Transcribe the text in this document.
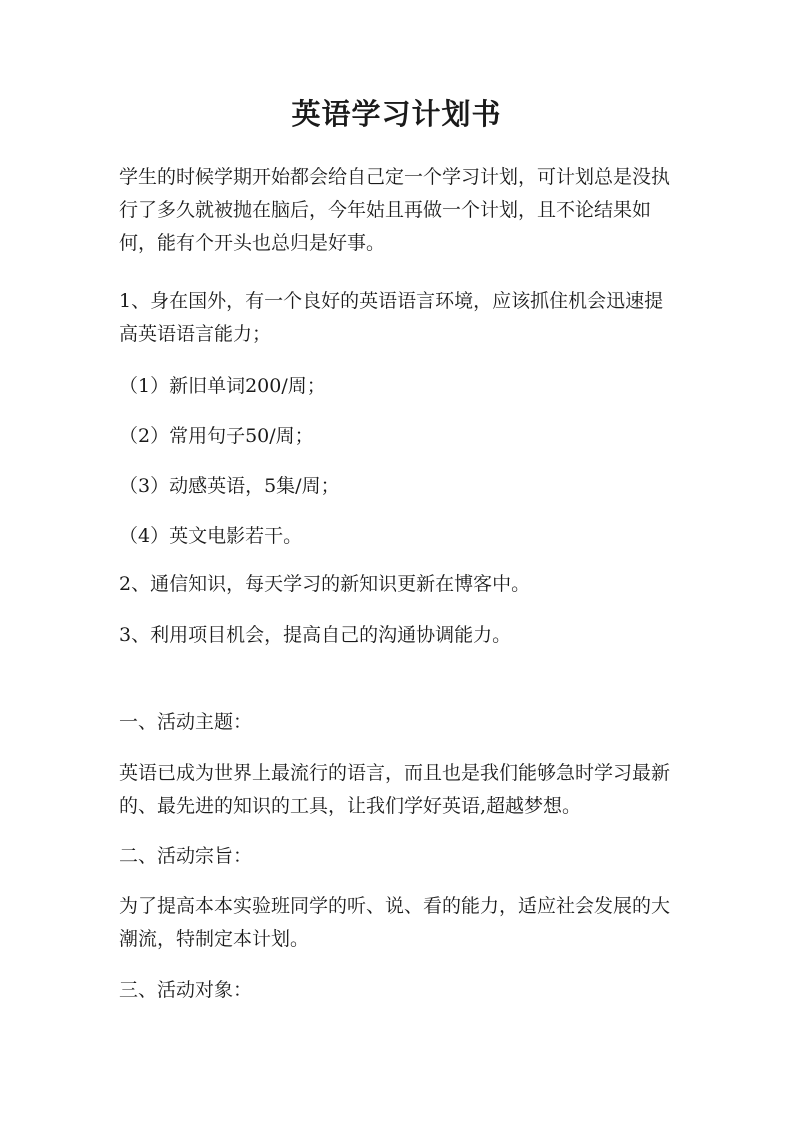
英语学习计划书

学生的时候学期开始都会给自己定一个学习计划，可计划总是没执行了多久就被抛在脑后，今年姑且再做一个计划，且不论结果如何，能有个开头也总归是好事。

1、身在国外，有一个良好的英语语言环境，应该抓住机会迅速提高英语语言能力；

（1）新旧单词200/周；

（2）常用句子50/周；

（3）动感英语，5集/周；

（4）英文电影若干。

2、通信知识，每天学习的新知识更新在博客中。

3、利用项目机会，提高自己的沟通协调能力。

一、活动主题：

英语已成为世界上最流行的语言，而且也是我们能够急时学习最新的、最先进的知识的工具，让我们学好英语,超越梦想。

二、活动宗旨：

为了提高本本实验班同学的听、说、看的能力，适应社会发展的大潮流，特制定本计划。

三、活动对象：
